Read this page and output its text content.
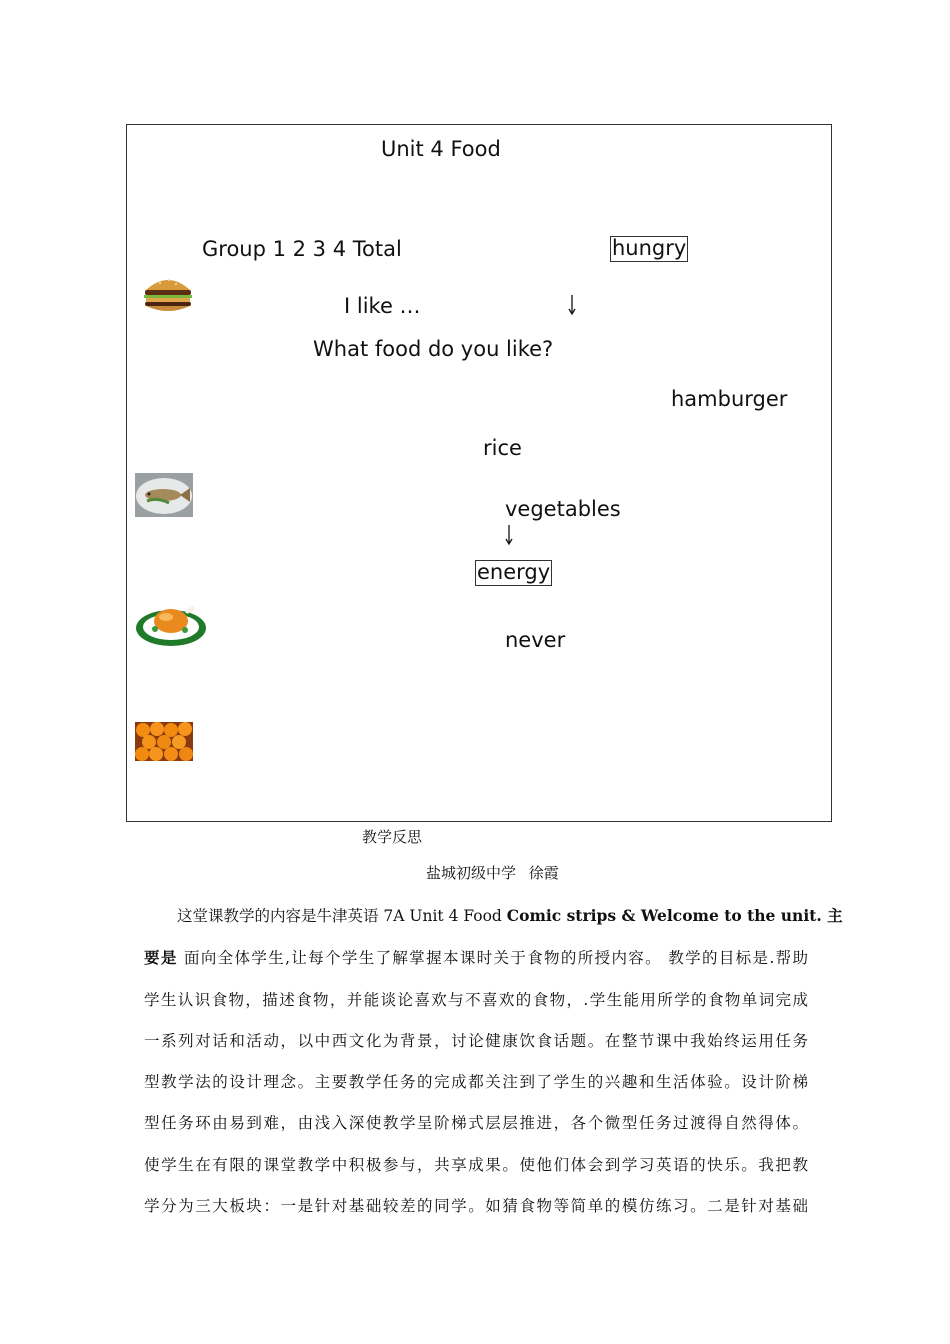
Unit 4 Food
Group 1 2 3 4 Total	hungry
I like …
What food do you like?
hamburger
rice
vegetables
energy
never
教学反思
盐城初级中学 徐霞
这堂课教学的内容是牛津英语 7A Unit 4 Food Comic strips & Welcome to the unit. 主
要是 面向全体学生,让每个学生了解掌握本课时关于食物的所授内容。 教学的目标是.帮助
学生认识食物，描述食物，并能谈论喜欢与不喜欢的食物，.学生能用所学的食物单词完成
一系列对话和活动，以中西文化为背景，讨论健康饮食话题。在整节课中我始终运用任务
型教学法的设计理念。主要教学任务的完成都关注到了学生的兴趣和生活体验。设计阶梯
型任务环由易到难，由浅入深使教学呈阶梯式层层推进，各个微型任务过渡得自然得体。
使学生在有限的课堂教学中积极参与，共享成果。使他们体会到学习英语的快乐。我把教
学分为三大板块：一是针对基础较差的同学。如猜食物等简单的模仿练习。二是针对基础
